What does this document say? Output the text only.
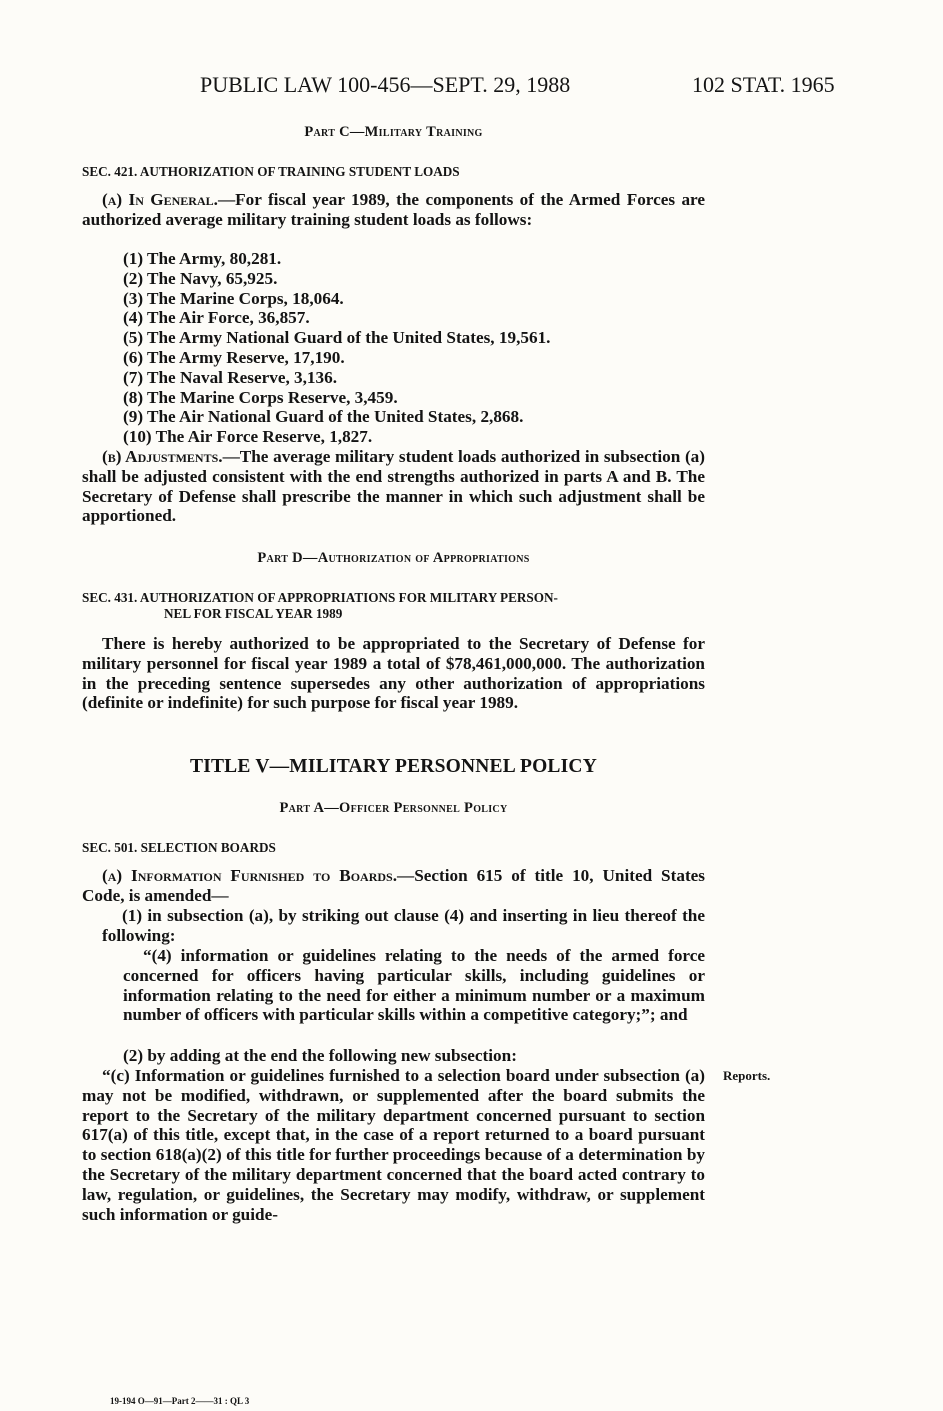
PUBLIC LAW 100-456—SEPT. 29, 1988	102 STAT. 1965
Part C—Military Training
SEC. 421. AUTHORIZATION OF TRAINING STUDENT LOADS

(a) In General.—For fiscal year 1989, the components of the Armed Forces are authorized average military training student loads as follows:

(1) The Army, 80,281.
(2) The Navy, 65,925.
(3) The Marine Corps, 18,064.
(4) The Air Force, 36,857.
(5) The Army National Guard of the United States, 19,561.
(6) The Army Reserve, 17,190.
(7) The Naval Reserve, 3,136.
(8) The Marine Corps Reserve, 3,459.
(9) The Air National Guard of the United States, 2,868.
(10) The Air Force Reserve, 1,827.

(b) Adjustments.—The average military student loads authorized in subsection (a) shall be adjusted consistent with the end strengths authorized in parts A and B. The Secretary of Defense shall prescribe the manner in which such adjustment shall be apportioned.

Part D—Authorization of Appropriations
SEC. 431. AUTHORIZATION OF APPROPRIATIONS FOR MILITARY PERSON-
NEL FOR FISCAL YEAR 1989

There is hereby authorized to be appropriated to the Secretary of Defense for military personnel for fiscal year 1989 a total of $78,461,000,000. The authorization in the preceding sentence supersedes any other authorization of appropriations (definite or indefinite) for such purpose for fiscal year 1989.

TITLE V—MILITARY PERSONNEL POLICY
Part A—Officer Personnel Policy
SEC. 501. SELECTION BOARDS

(a) Information Furnished to Boards.—Section 615 of title 10, United States Code, is amended—

(1) in subsection (a), by striking out clause (4) and inserting in lieu thereof the following:

“(4) information or guidelines relating to the needs of the armed force concerned for officers having particular skills, including guidelines or information relating to the need for either a minimum number or a maximum number of officers with particular skills within a competitive category;”; and

(2) by adding at the end the following new subsection:

“(c) Information or guidelines furnished to a selection board under subsection (a) may not be modified, withdrawn, or supplemented after the board submits the report to the Secretary of the military department concerned pursuant to section 617(a) of this title, except that, in the case of a report returned to a board pursuant to section 618(a)(2) of this title for further proceedings because of a determination by the Secretary of the military department concerned that the board acted contrary to law, regulation, or guidelines, the Secretary may modify, withdraw, or supplement such information or guide-

Reports.
19-194 O—91—Part 2——31 : QL 3
